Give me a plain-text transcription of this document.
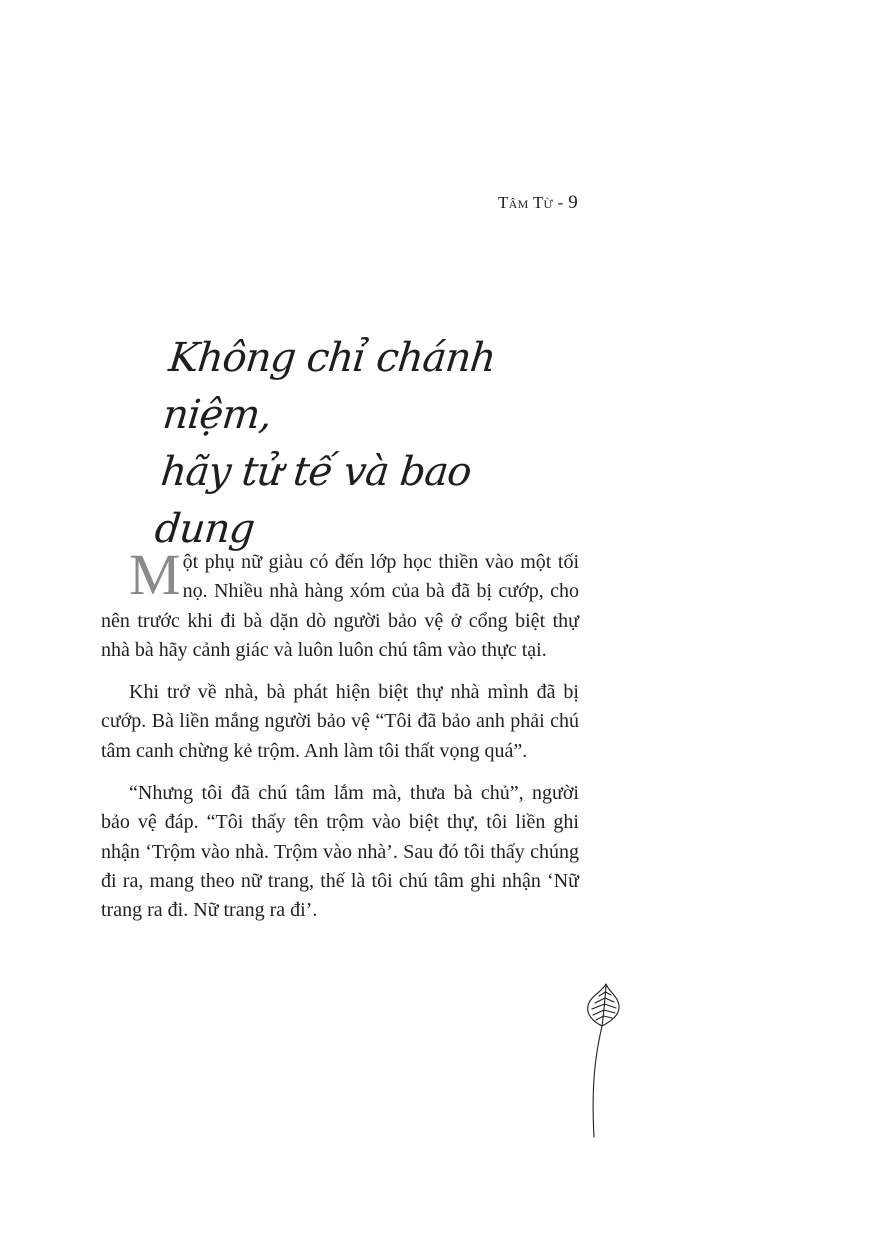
Tâm Từ - 9
Không chỉ chánh niệm,
hãy tử tế và bao dung

Một phụ nữ giàu có đến lớp học thiền vào một tối nọ. Nhiều nhà hàng xóm của bà đã bị cướp, cho nên trước khi đi bà dặn dò người bảo vệ ở cổng biệt thự nhà bà hãy cảnh giác và luôn luôn chú tâm vào thực tại.

Khi trở về nhà, bà phát hiện biệt thự nhà mình đã bị cướp. Bà liền mắng người bảo vệ “Tôi đã bảo anh phải chú tâm canh chừng kẻ trộm. Anh làm tôi thất vọng quá”.

“Nhưng tôi đã chú tâm lắm mà, thưa bà chủ”, người bảo vệ đáp. “Tôi thấy tên trộm vào biệt thự, tôi liền ghi nhận ‘Trộm vào nhà. Trộm vào nhà’. Sau đó tôi thấy chúng đi ra, mang theo nữ trang, thế là tôi chú tâm ghi nhận ‘Nữ trang ra đi. Nữ trang ra đi’.
